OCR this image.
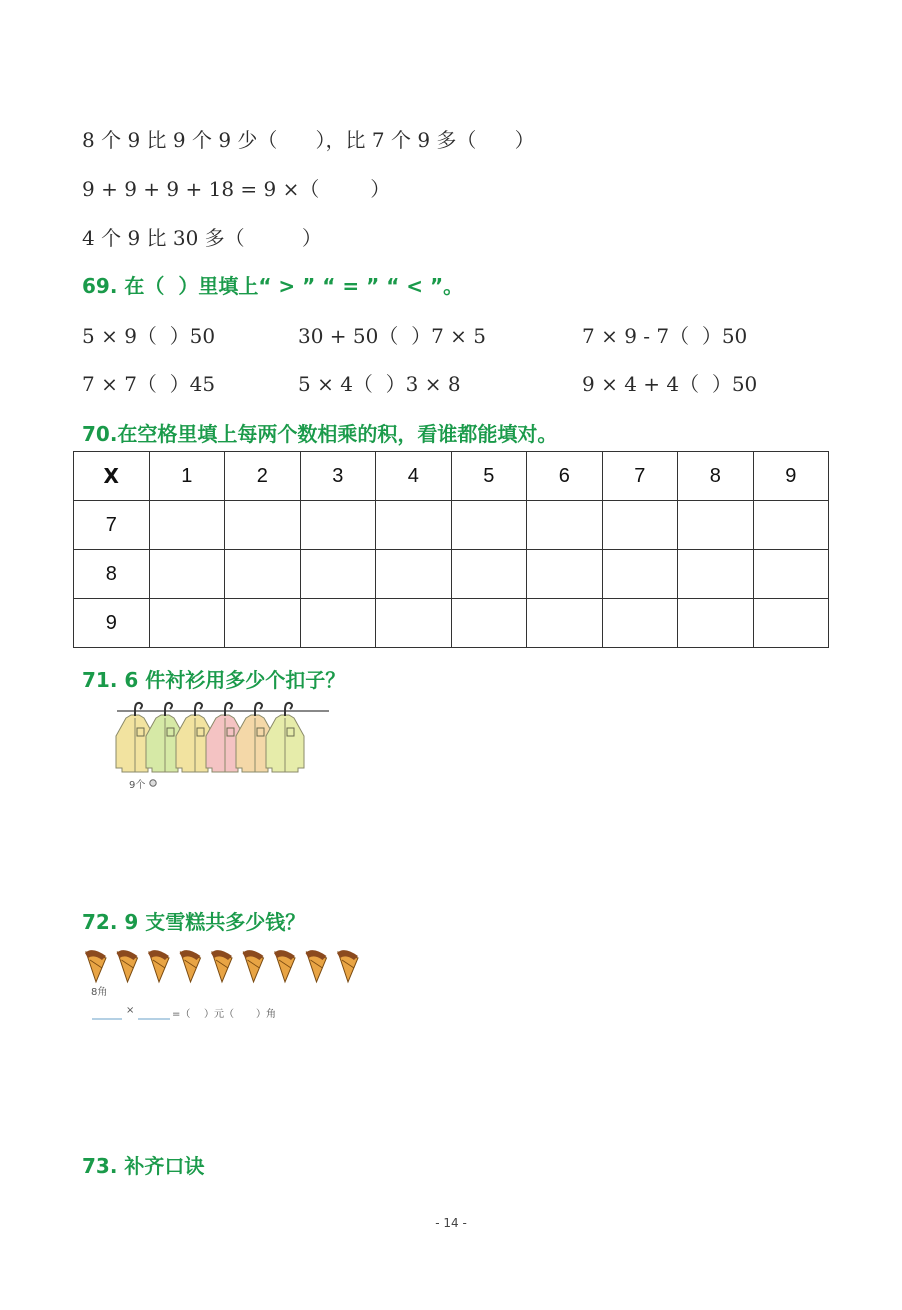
8 个 9 比 9 个 9 少（      ），比 7 个 9 多（      ）
9 + 9 + 9 + 18 = 9 ×（        ）
4 个 9 比 30 多（         ）
69. 在（  ）里填上“ > ” “ = ” “ < ”。
5 × 9（  ）50	30 + 50（  ）7 × 5	7 × 9 - 7（  ）50
7 × 7（  ）45	5 × 4（  ）3 × 8	9 × 4 + 4（  ）50
70.在空格里填上每两个数相乘的积，看谁都能填对。
X	1	2	3	4	5	6	7	8	9
7									
8									
9									
71. 6 件衬衫用多少个扣子？
9个
72. 9 支雪糕共多少钱？
8角
×	=（ ）元（ ）角
73. 补齐口诀
- 14 -
